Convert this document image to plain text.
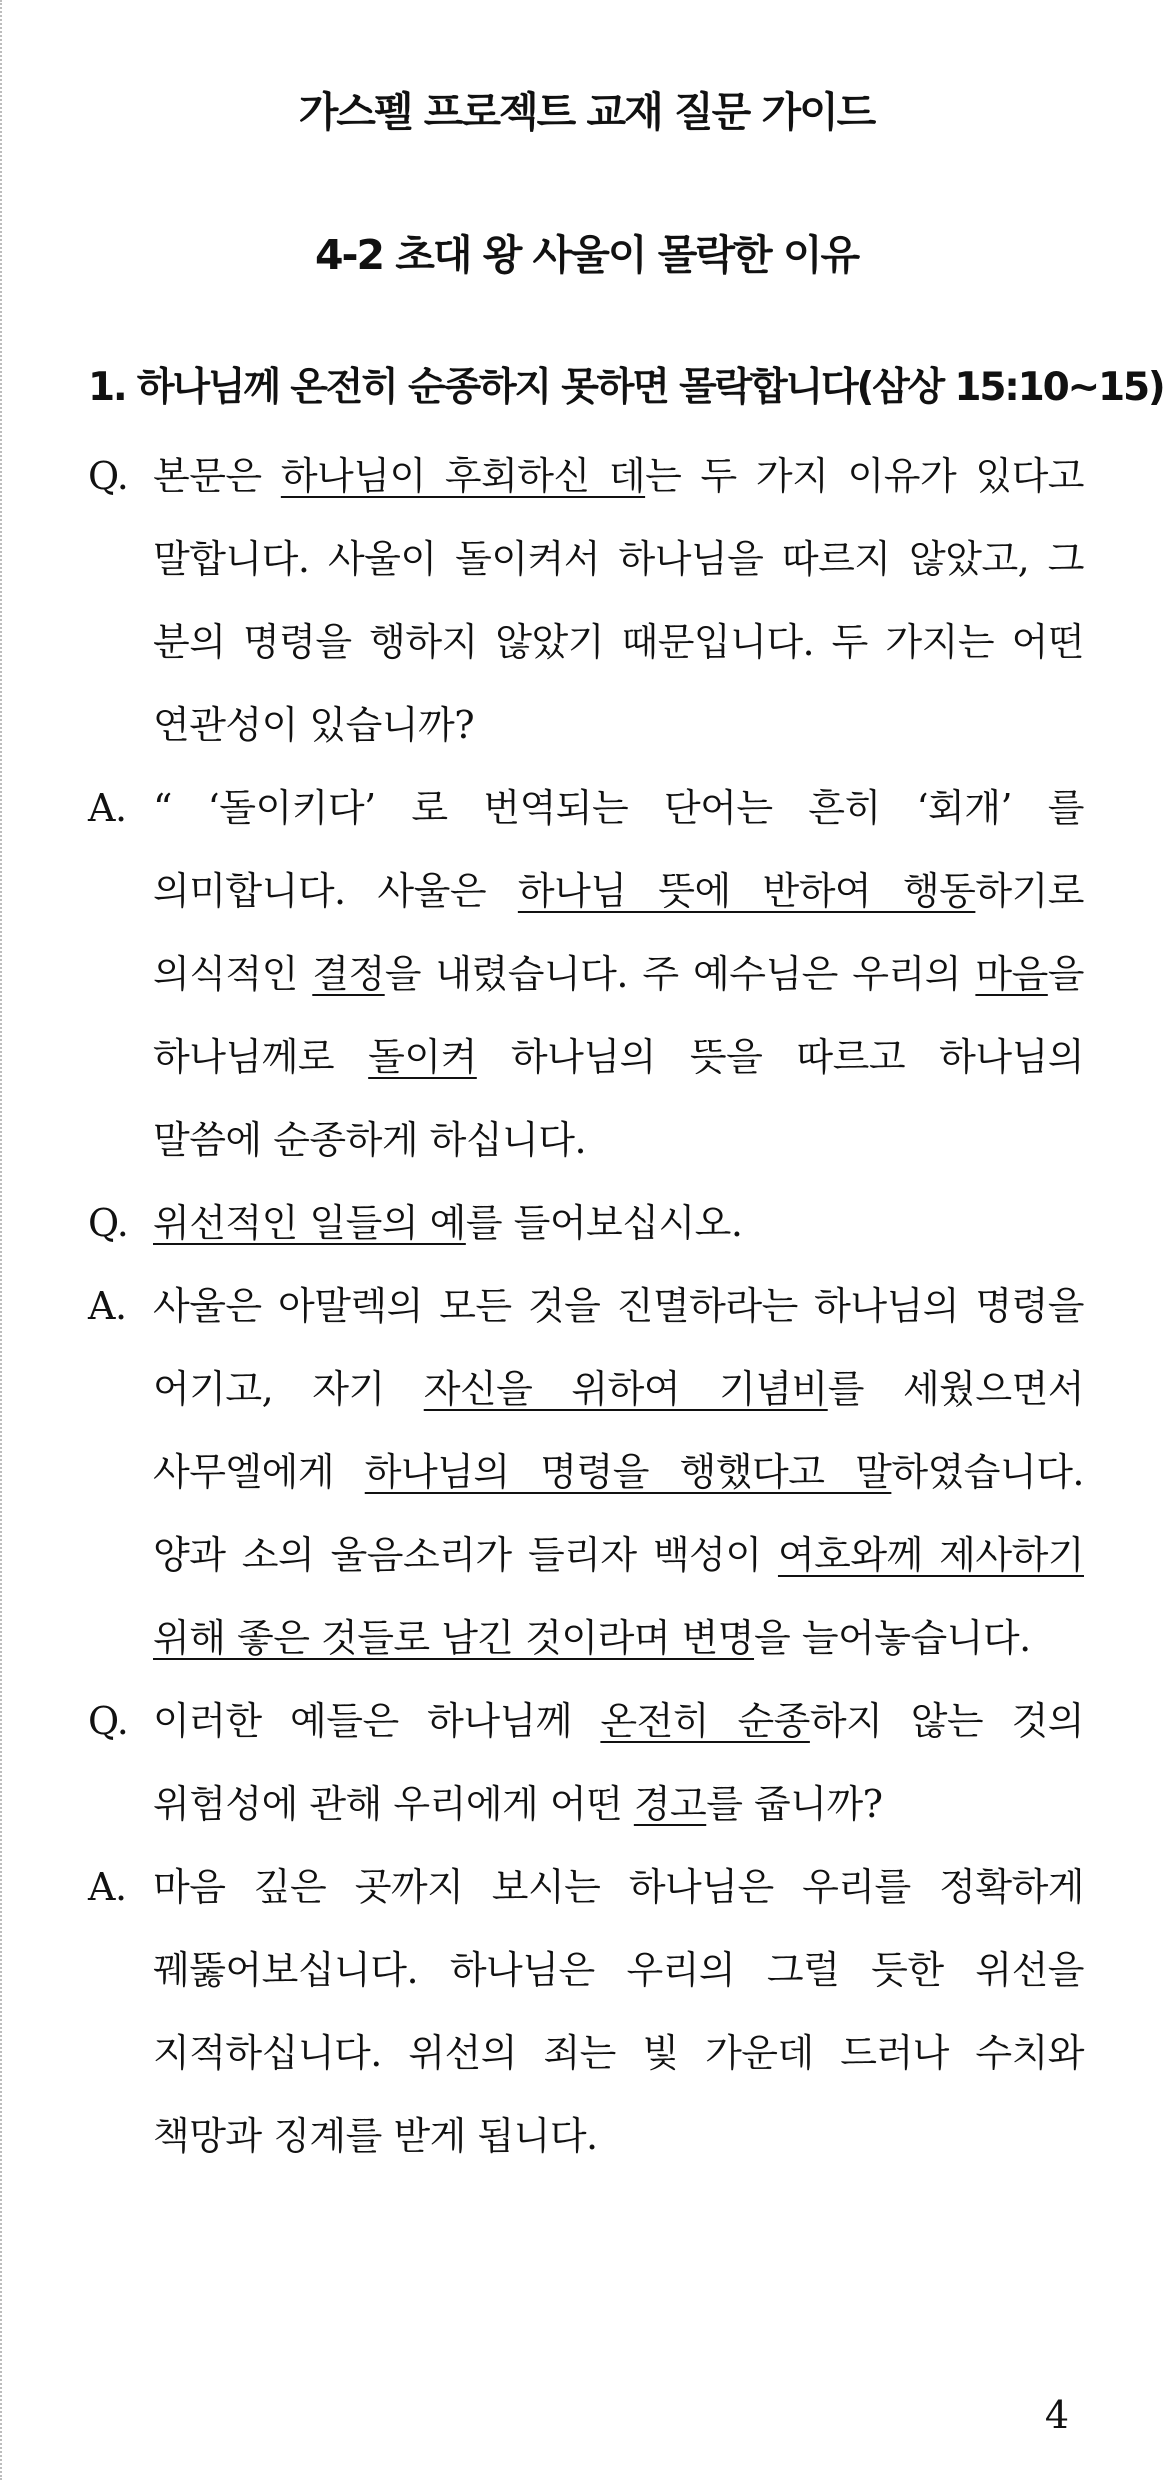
가스펠 프로젝트 교재 질문 가이드
4-2 초대 왕 사울이 몰락한 이유
1. 하나님께 온전히 순종하지 못하면 몰락합니다(삼상 15:10~15)
Q. 본문은 하나님이 후회하신 데는 두 가지 이유가 있다고 말합니다. 사울이 돌이켜서 하나님을 따르지 않았고, 그 분의 명령을 행하지 않았기 때문입니다. 두 가지는 어떤 연관성이 있습니까?
A. “ ‘돌이키다’ 로 번역되는 단어는 흔히 ‘회개’ 를 의미합니다. 사울은 하나님 뜻에 반하여 행동하기로 의식적인 결정을 내렸습니다. 주 예수님은 우리의 마음을 하나님께로 돌이켜 하나님의 뜻을 따르고 하나님의 말씀에 순종하게 하십니다.
Q. 위선적인 일들의 예를 들어보십시오.
A. 사울은 아말렉의 모든 것을 진멸하라는 하나님의 명령을 어기고, 자기 자신을 위하여 기념비를 세웠으면서 사무엘에게 하나님의 명령을 행했다고 말하였습니다. 양과 소의 울음소리가 들리자 백성이 여호와께 제사하기 위해 좋은 것들로 남긴 것이라며 변명을 늘어놓습니다.
Q. 이러한 예들은 하나님께 온전히 순종하지 않는 것의 위험성에 관해 우리에게 어떤 경고를 줍니까?
A. 마음 깊은 곳까지 보시는 하나님은 우리를 정확하게 꿰뚫어보십니다. 하나님은 우리의 그럴 듯한 위선을 지적하십니다. 위선의 죄는 빛 가운데 드러나 수치와 책망과 징계를 받게 됩니다.
4
